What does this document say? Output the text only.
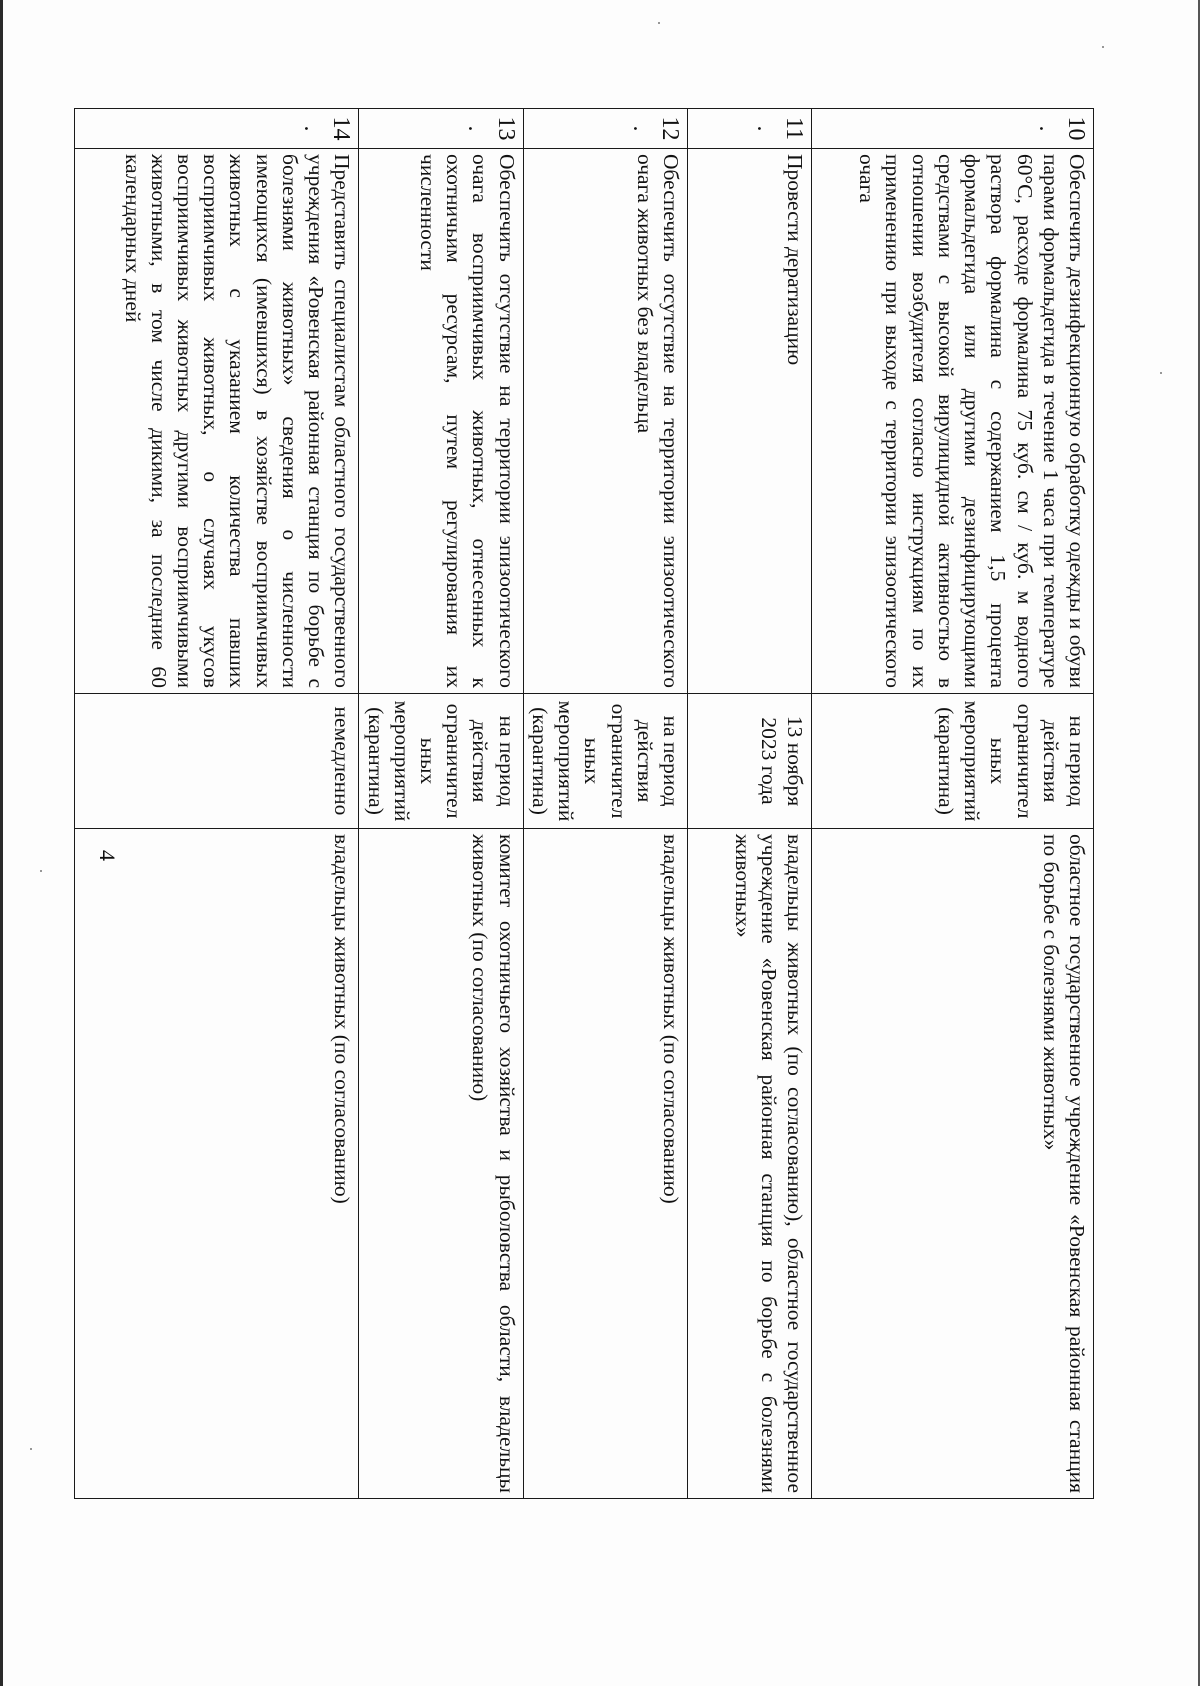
4
10.	Обеспечить дезинфекционную обработку одежды и обуви парами формальдегида в течение 1 часа при температуре 60°С, расходе формалина 75 куб. см / куб. м водного раствора формалина с содержанием 1,5 процента формальдегида или другими дезинфицирующими средствами с высокой вирулицидной активностью в отношении возбудителя согласно инструкциям по их применению при выходе с территории эпизоотического очага	на период действия ограничительных мероприятий (карантина)	областное государственное учреждение «Ровенская районная станция по борьбе с болезнями животных»
11.	Провести дератизацию	13 ноября 2023 года	владельцы животных (по согласованию), областное государственное учреждение «Ровенская районная станция по борьбе с болезнями животных»
12.	Обеспечить отсутствие на территории эпизоотического очага животных без владельца	на период действия ограничительных мероприятий (карантина)	владельцы животных (по согласованию)
13.	Обеспечить отсутствие на территории эпизоотического очага восприимчивых животных, отнесенных к охотничьим ресурсам, путем регулирования их численности	на период действия ограничительных мероприятий (карантина)	комитет охотничьего хозяйства и рыболовства области, владельцы животных (по согласованию)
14.	Представить специалистам областного государственного учреждения «Ровенская районная станция по борьбе с болезнями животных» сведения о численности имеющихся (имевшихся) в хозяйстве восприимчивых животных с указанием количества павших восприимчивых животных, о случаях укусов восприимчивых животных другими восприимчивыми животными, в том числе дикими, за последние 60 календарных дней	немедленно	владельцы животных (по согласованию)
